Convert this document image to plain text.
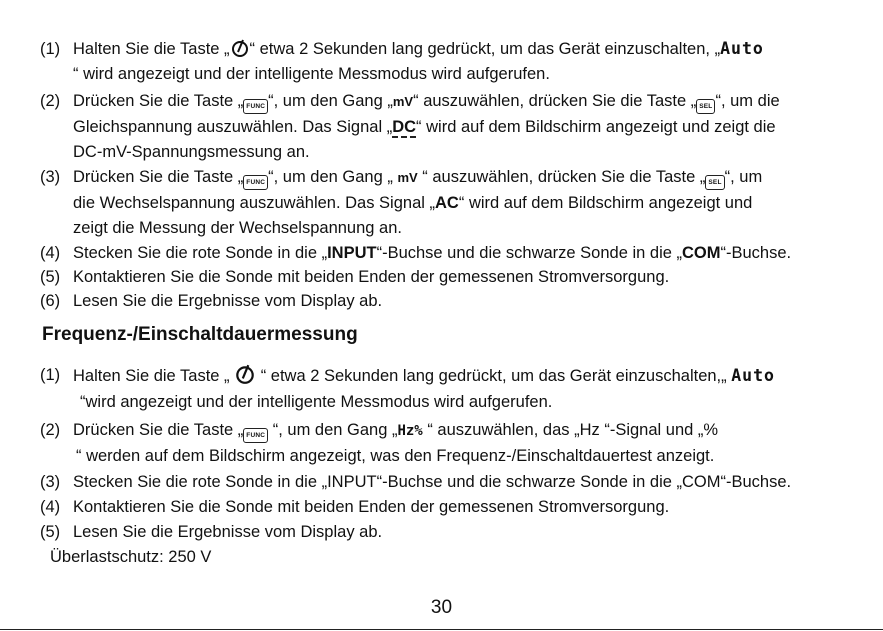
(1) Halten Sie die Taste „ “ etwa 2 Sekunden lang gedrückt, um das Gerät einzuschalten, „Auto
“ wird angezeigt und der intelligente Messmodus wird aufgerufen.
(2) Drücken Sie die Taste „ FUNC “, um den Gang „mV“ auszuwählen, drücken Sie die Taste „ SEL “, um die
Gleichspannung auszuwählen. Das Signal „DC“ wird auf dem Bildschirm angezeigt und zeigt die
DC-mV-Spannungsmessung an.
(3) Drücken Sie die Taste „ FUNC “, um den Gang „ mV “ auszuwählen, drücken Sie die Taste „ SEL “, um
die Wechselspannung auszuwählen. Das Signal „AC“ wird auf dem Bildschirm angezeigt und
zeigt die Messung der Wechselspannung an.
(4) Stecken Sie die rote Sonde in die „INPUT“-Buchse und die schwarze Sonde in die „COM“-Buchse.
(5) Kontaktieren Sie die Sonde mit beiden Enden der gemessenen Stromversorgung.
(6) Lesen Sie die Ergebnisse vom Display ab.
Frequenz-/Einschaltdauermessung
(1) Halten Sie die Taste „  “ etwa 2 Sekunden lang gedrückt, um das Gerät einzuschalten,„ Auto
“wird angezeigt und der intelligente Messmodus wird aufgerufen.
(2) Drücken Sie die Taste „ FUNC “, um den Gang „Hz% “ auszuwählen, das „Hz “-Signal und „%
“ werden auf dem Bildschirm angezeigt, was den Frequenz-/Einschaltdauertest anzeigt.
(3) Stecken Sie die rote Sonde in die „INPUT“-Buchse und die schwarze Sonde in die „COM“-Buchse.
(4) Kontaktieren Sie die Sonde mit beiden Enden der gemessenen Stromversorgung.
(5) Lesen Sie die Ergebnisse vom Display ab.
Überlastschutz: 250 V
30
